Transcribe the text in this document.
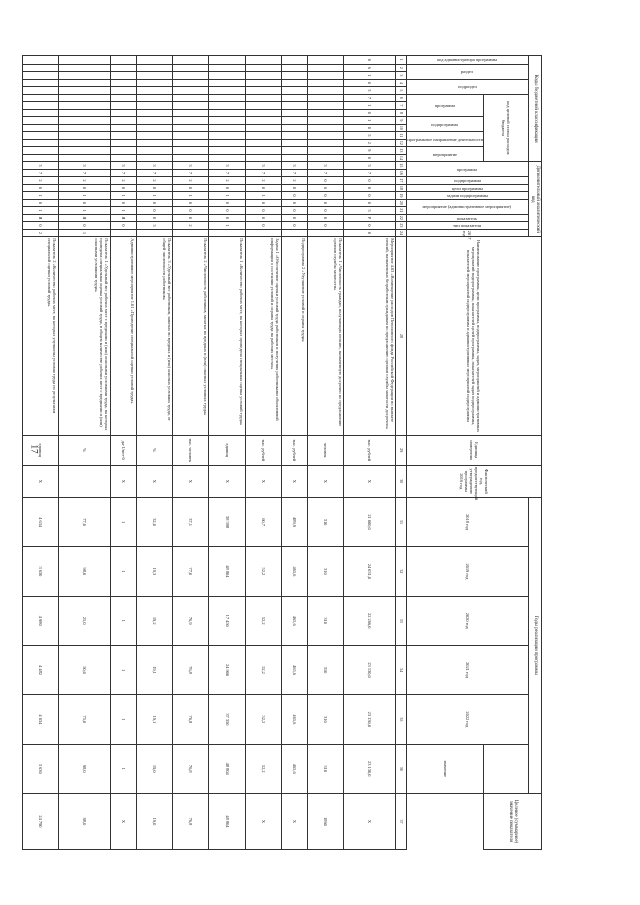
17
Коды бюджетной классификации														Дополнительный аналитический код										Наименование программы, цели программы, подпрограммы, задач, мероприятий и административных мероприятий подпрограммы, показателей целей программы, показателей задач подпрограммы, показателей мероприятий подпрограммы и административных мероприятий подпрограммы	Единица измерения	Фактический год, предшествующий утверждению программы 2016 год	Годы реализации программы						Целевое (суммарное) значение показателя

код администратора программы	раздел		подраздел		код целевой статьи расходов бюджета									программа		подпрограмма	цели программы	задачи подпрограммы	мероприятие (административное мероприятие)		показатель	тип показателя	2017 год				2018 год	2019 год	2020 год	2021 год	2022 год		

					программа			подпрограмма		программное направление деятельности		мероприятие																				значение	
1	2	3	4	5	6	7	8	9	10	11	12	13	14	15	16	17	18	19	20	21	22	23	24	28	29	30	31	32	33	34	35	36	37
0	6	1	0	3	7	1	0	1	0	5	2	9	0	3	7	0	0	0	0	3	Р	0	0	Мероприятие 4.03 «Возмещение расходов Пенсионного фонда Российской Федерации по выплате пенсий, назначенных безработным гражданам по предложению органов службы занятости досрочно»	тыс. рублей	Х	21 000,0	24 031,0	22 266,0	23 130,0	23 130,0	23 130,0	Х
														3	7	0	6	0	0	0	0	0		Показатель 1 «Численность граждан, получающих пенсию, назначенную досрочно по предложению органов службы занятости»	человек	Х	310	310	310	310	310	310	1860
														3	7	2	0	0	0	0	0	0		Подпрограмма 2 «Улучшение условий и охраны труда»	тыс. рублей	Х	489,9	465,6	465,6	465,6	465,6	465,6	Х
														3	7	2	0	1	0	0	0	0		Задача 1 «Обеспечение оценки условий труда работников и получения работниками объективной информации о состоянии условий и охраны труда на рабочих местах»	тыс. рублей	Х	60,7	52,2	52,2	52,2	52,2	52,2	Х
														3	7	2	0	1	0	0	0	1		Показатель 1 «Количество рабочих мест, на которых проведена специальная оценка условий труда»	единиц	Х	38 398	48 804	17 450	24 900	37 350	48 804	48 804
														3	7	2	0	1	0	0	0	2		Показатель 2 «Численность работников, занятых во вредных и (или) опасных условиях труда»	тыс. человек	Х	37,1	77,0	76,9	76,8	76,8	76,8	76,8
														3	7	2	0	1	0	0	0	3		Показатель 3 «Удельный вес работников, занятых во вредных и (или) опасных условиях труда, от общей численности работников»	%	Х	32,0	19,3	19,2	19,1	19,1	19,0	19,0
														3	7	2	0	1	0	1	Я	0		Административное мероприятие 1.01 «Проведение специальной оценки условий труда»	да-1/нет-0	Х	1	1	1	1	1	1	Х
														3	7	2	0	1	0	1	Я	0	1	Показатель 1 «Удельный вес рабочих мест с вредными и (или) опасными условиями труда, на которых проведена специальная оценка условий труда, в общем количестве рабочих мест с вредными и (или) опасными условиями труда»	%		77,0	98,0	25,0	50,0	75,0	98,0	98,0
														3	7	2	0	1	0	1	Я	0	2	Показатель 2 «Количество рабочих мест, на которых улучшены условия труда по результатам специальной оценки условий труда»	единиц	Х	4 634	3 630	4 980	4 482	4 034	3 630	24 790
